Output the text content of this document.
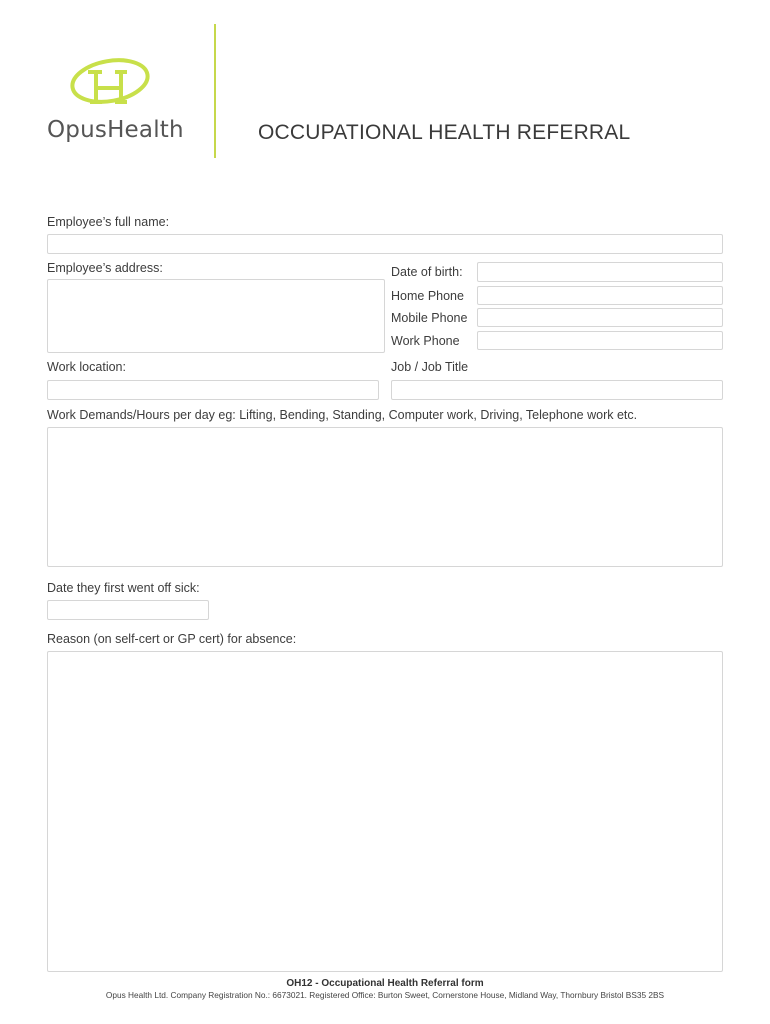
OpusHealth	OCCUPATIONAL HEALTH REFERRAL
Employee’s full name:
Employee’s address:	Date of birth:
Home Phone
Mobile Phone
Work Phone
Work location:	Job / Job Title
Work Demands/Hours per day eg: Lifting, Bending, Standing, Computer work, Driving, Telephone work etc.
Date they first went off sick:
Reason (on self-cert or GP cert) for absence:
OH12 - Occupational Health Referral form
Opus Health Ltd. Company Registration No.: 6673021. Registered Office: Burton Sweet, Cornerstone House, Midland Way, Thornbury Bristol BS35 2BS
